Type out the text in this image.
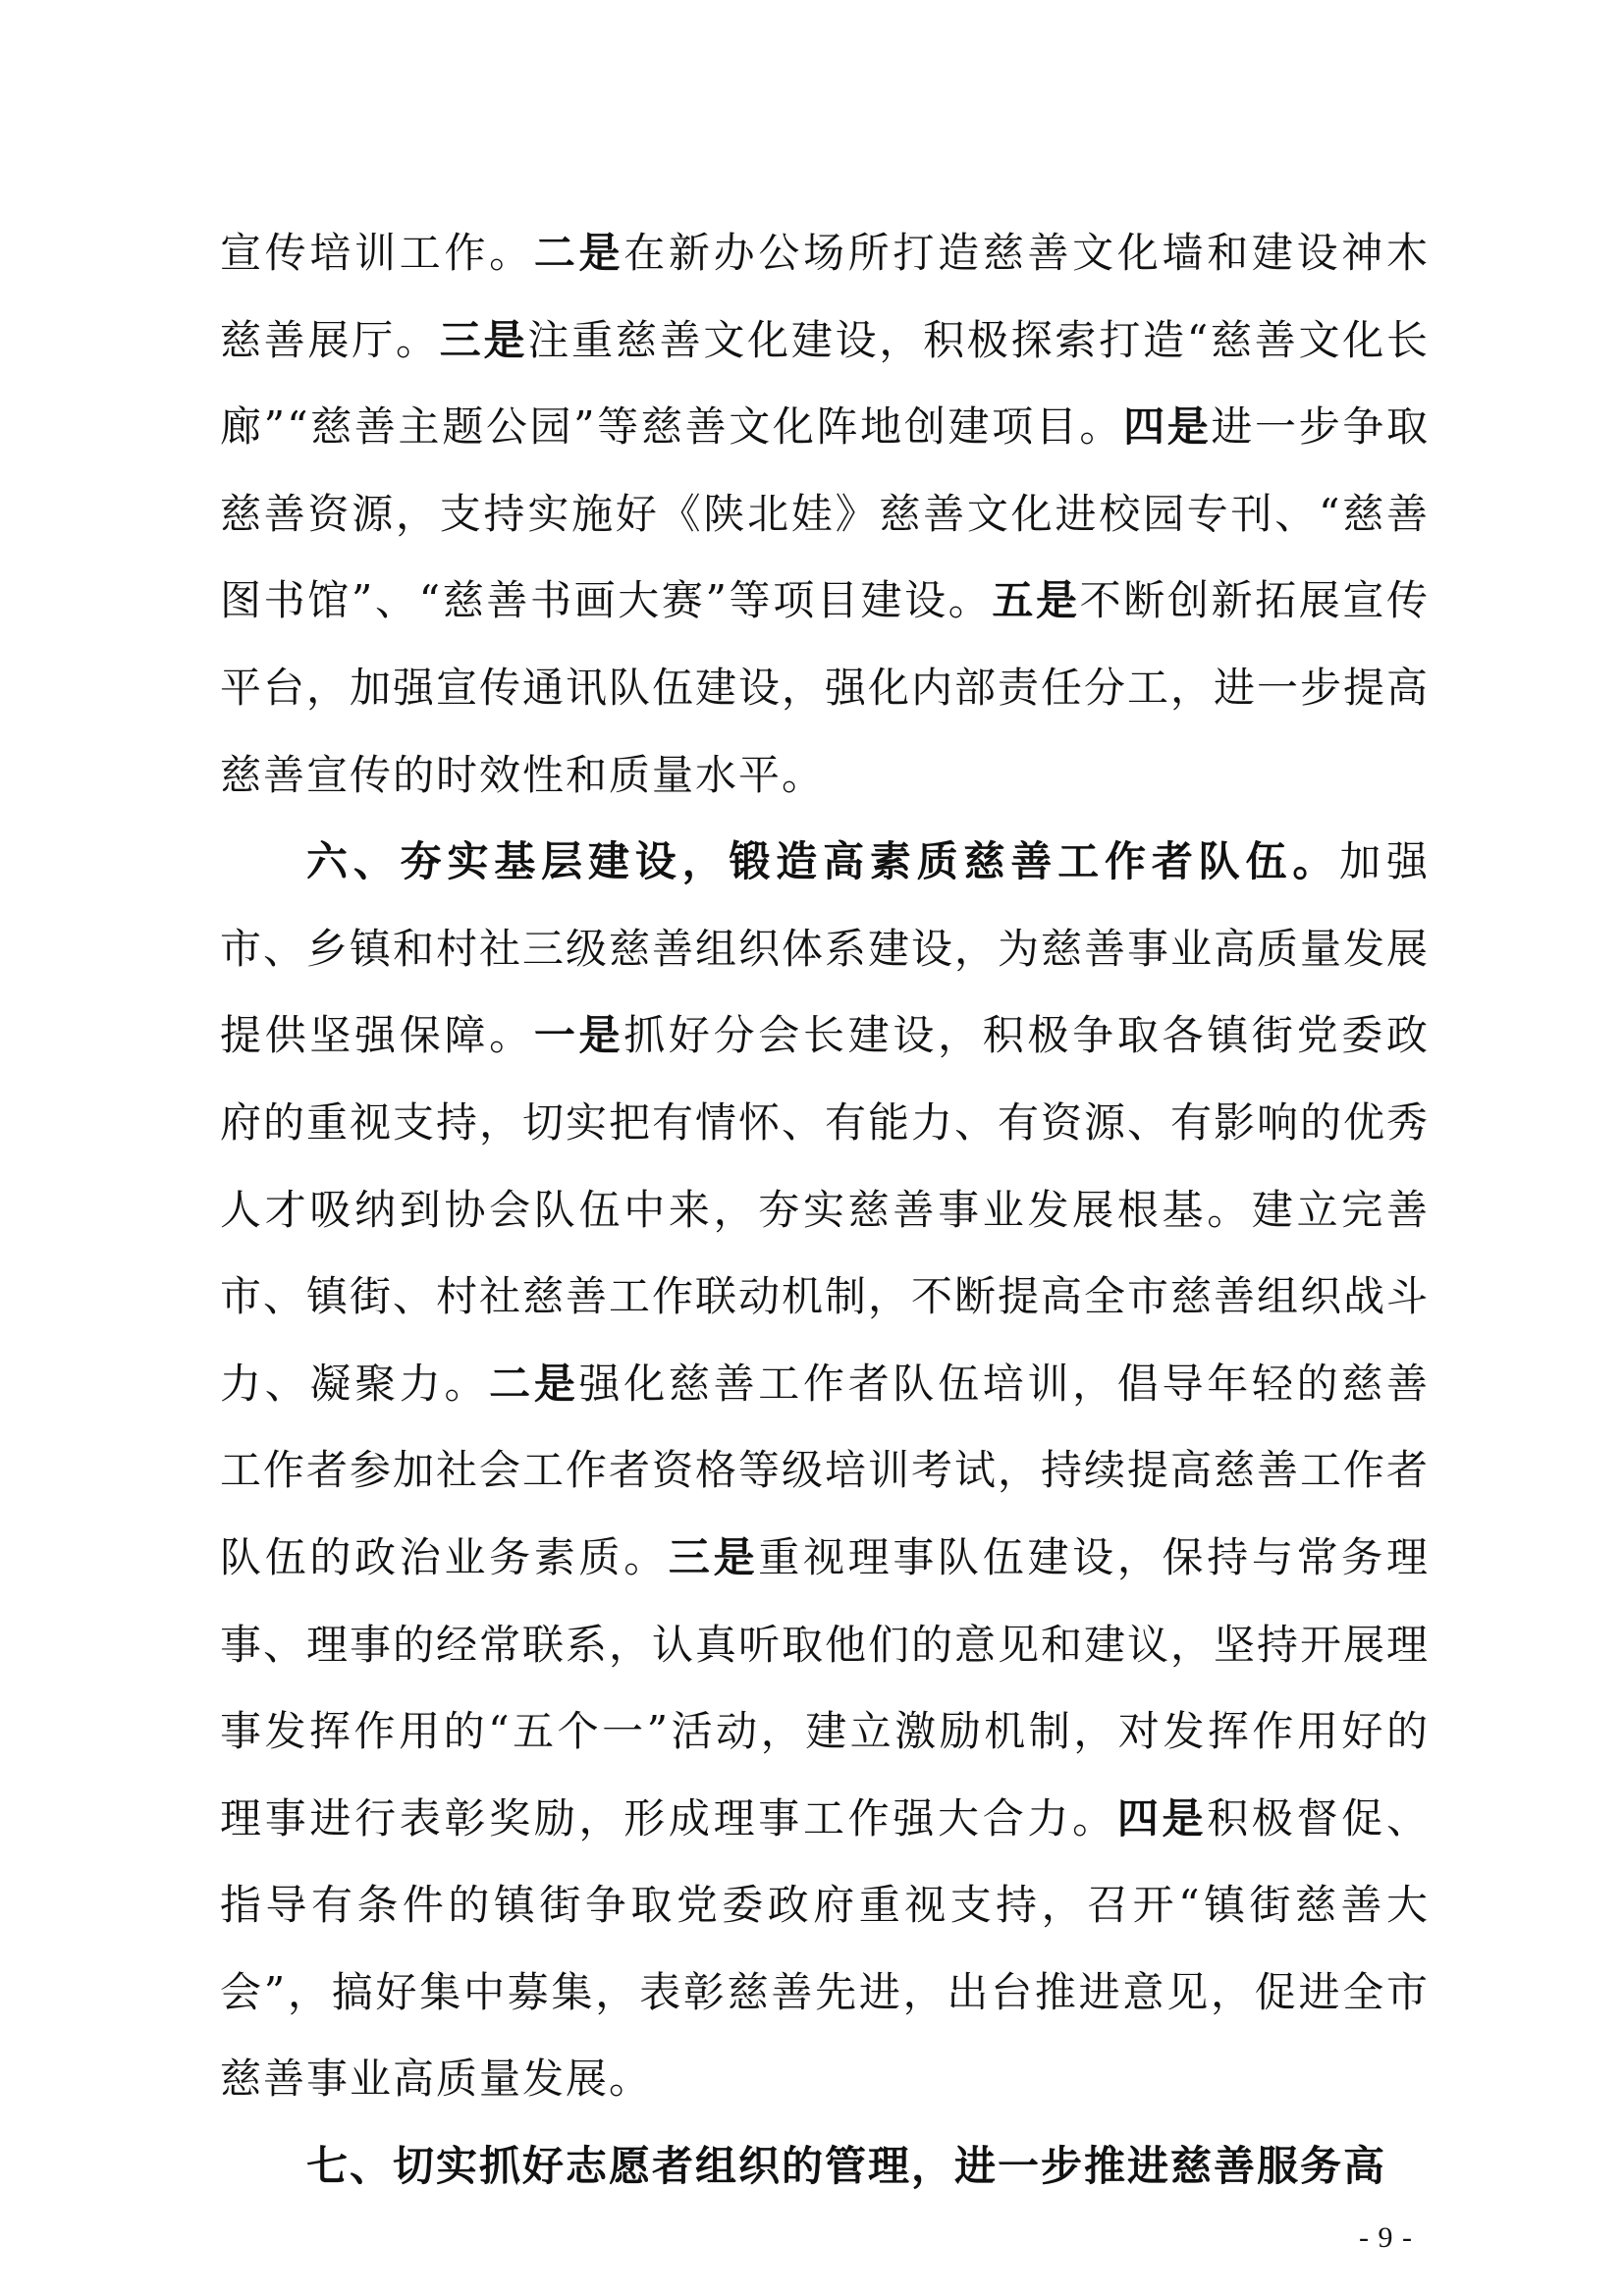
宣传培训工作。二是在新办公场所打造慈善文化墙和建设神木慈善展厅。三是注重慈善文化建设，积极探索打造“慈善文化长廊”“慈善主题公园”等慈善文化阵地创建项目。四是进一步争取慈善资源，支持实施好《陕北娃》慈善文化进校园专刊、“慈善图书馆”、“慈善书画大赛”等项目建设。五是不断创新拓展宣传平台，加强宣传通讯队伍建设，强化内部责任分工，进一步提高慈善宣传的时效性和质量水平。

六、夯实基层建设，锻造高素质慈善工作者队伍。加强市、乡镇和村社三级慈善组织体系建设，为慈善事业高质量发展提供坚强保障。一是抓好分会长建设，积极争取各镇街党委政府的重视支持，切实把有情怀、有能力、有资源、有影响的优秀人才吸纳到协会队伍中来，夯实慈善事业发展根基。建立完善市、镇街、村社慈善工作联动机制，不断提高全市慈善组织战斗力、凝聚力。二是强化慈善工作者队伍培训，倡导年轻的慈善工作者参加社会工作者资格等级培训考试，持续提高慈善工作者队伍的政治业务素质。三是重视理事队伍建设，保持与常务理事、理事的经常联系，认真听取他们的意见和建议，坚持开展理事发挥作用的“五个一”活动，建立激励机制，对发挥作用好的理事进行表彰奖励，形成理事工作强大合力。四是积极督促、指导有条件的镇街争取党委政府重视支持，召开“镇街慈善大会”，搞好集中募集，表彰慈善先进，出台推进意见，促进全市慈善事业高质量发展。

七、切实抓好志愿者组织的管理，进一步推进慈善服务高

- 9 -
